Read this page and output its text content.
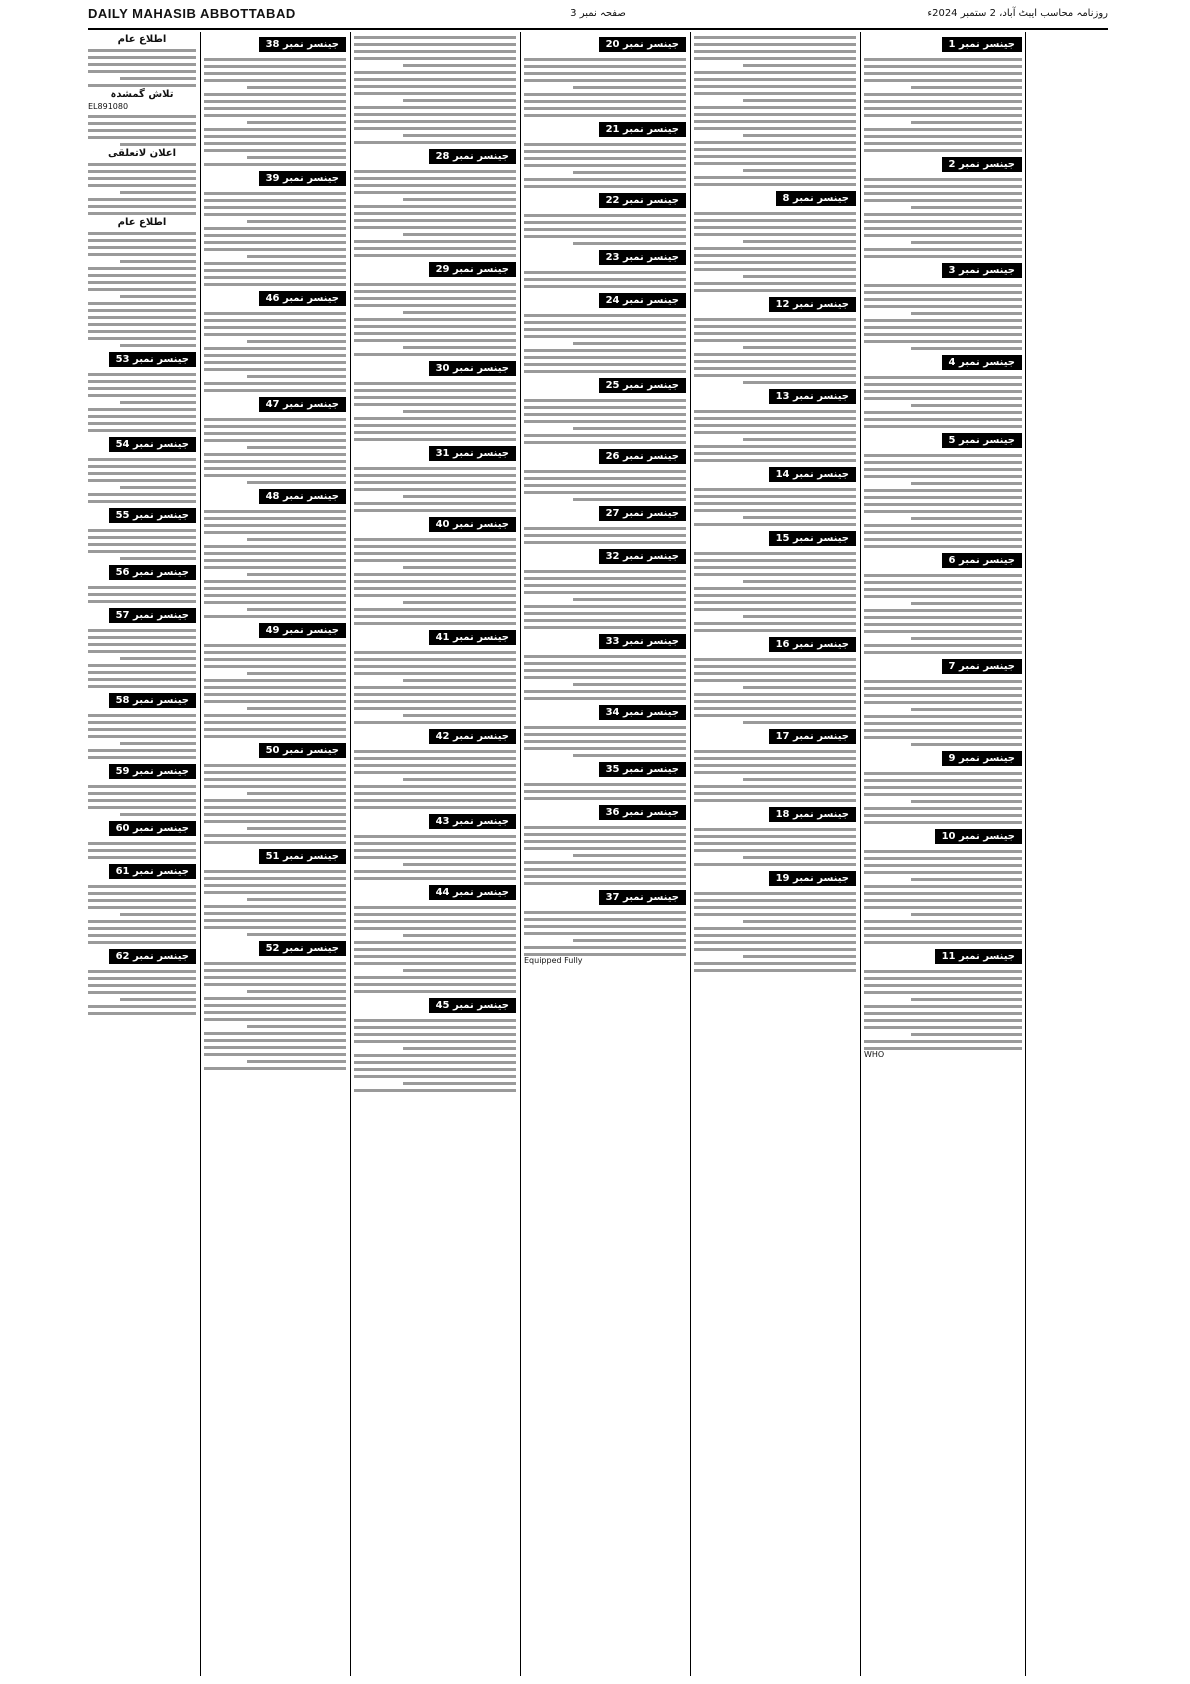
DAILY MAHASIB ABBOTTABAD	صفحہ نمبر 3	روزنامہ محاسب ایبٹ آباد، 2 ستمبر 2024ء
اطلاع عام
تلاش گمشدہ
EL891080
اعلان لاتعلقی
اطلاع عام
جینسر نمبر 53
جینسر نمبر 54
جینسر نمبر 55
جینسر نمبر 56
جینسر نمبر 57
جینسر نمبر 58
جینسر نمبر 59
جینسر نمبر 60
جینسر نمبر 61
جینسر نمبر 62
جینسر نمبر 38
جینسر نمبر 39
جینسر نمبر 46
جینسر نمبر 47
جینسر نمبر 48
جینسر نمبر 49
جینسر نمبر 50
جینسر نمبر 51
جینسر نمبر 52
جینسر نمبر 28
جینسر نمبر 29
جینسر نمبر 30
جینسر نمبر 31
جینسر نمبر 40
جینسر نمبر 41
جینسر نمبر 42
جینسر نمبر 43
جینسر نمبر 44
جینسر نمبر 45
جینسر نمبر 20
جینسر نمبر 21
جینسر نمبر 22
جینسر نمبر 23
جینسر نمبر 24
جینسر نمبر 25
جینسر نمبر 26
جینسر نمبر 27
جینسر نمبر 32
جینسر نمبر 33
جینسر نمبر 34
جینسر نمبر 35
جینسر نمبر 36
جینسر نمبر 37
Equipped Fully
جینسر نمبر 8
جینسر نمبر 12
جینسر نمبر 13
جینسر نمبر 14
جینسر نمبر 15
جینسر نمبر 16
جینسر نمبر 17
جینسر نمبر 18
جینسر نمبر 19
جینسر نمبر 1
جینسر نمبر 2
جینسر نمبر 3
جینسر نمبر 4
جینسر نمبر 5
جینسر نمبر 6
جینسر نمبر 7
جینسر نمبر 9
جینسر نمبر 10
جینسر نمبر 11
WHO
